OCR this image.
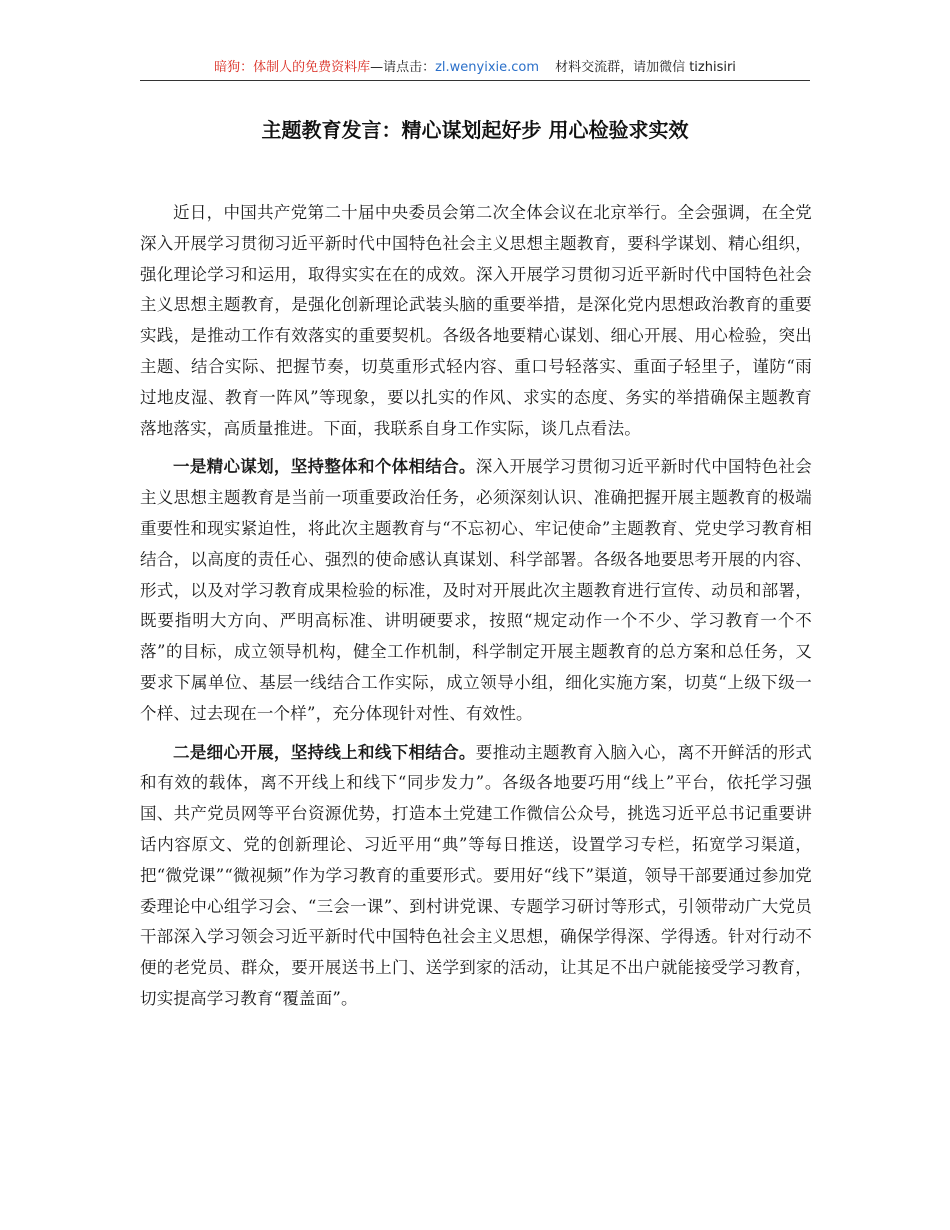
暗狗：体制人的免费资料库—请点击：zl.wenyixie.com 材料交流群，请加微信 tizhisiri
主题教育发言：精心谋划起好步 用心检验求实效

近日，中国共产党第二十届中央委员会第二次全体会议在北京举行。全会强调，在全党深入开展学习贯彻习近平新时代中国特色社会主义思想主题教育，要科学谋划、精心组织，强化理论学习和运用，取得实实在在的成效。深入开展学习贯彻习近平新时代中国特色社会主义思想主题教育，是强化创新理论武装头脑的重要举措，是深化党内思想政治教育的重要实践，是推动工作有效落实的重要契机。各级各地要精心谋划、细心开展、用心检验，突出主题、结合实际、把握节奏，切莫重形式轻内容、重口号轻落实、重面子轻里子，谨防“雨过地皮湿、教育一阵风”等现象，要以扎实的作风、求实的态度、务实的举措确保主题教育落地落实，高质量推进。下面，我联系自身工作实际，谈几点看法。

一是精心谋划，坚持整体和个体相结合。深入开展学习贯彻习近平新时代中国特色社会主义思想主题教育是当前一项重要政治任务，必须深刻认识、准确把握开展主题教育的极端重要性和现实紧迫性，将此次主题教育与“不忘初心、牢记使命”主题教育、党史学习教育相结合，以高度的责任心、强烈的使命感认真谋划、科学部署。各级各地要思考开展的内容、形式，以及对学习教育成果检验的标准，及时对开展此次主题教育进行宣传、动员和部署，既要指明大方向、严明高标准、讲明硬要求，按照“规定动作一个不少、学习教育一个不落”的目标，成立领导机构，健全工作机制，科学制定开展主题教育的总方案和总任务，又要求下属单位、基层一线结合工作实际，成立领导小组，细化实施方案，切莫“上级下级一个样、过去现在一个样”，充分体现针对性、有效性。

二是细心开展，坚持线上和线下相结合。要推动主题教育入脑入心，离不开鲜活的形式和有效的载体，离不开线上和线下“同步发力”。各级各地要巧用“线上”平台，依托学习强国、共产党员网等平台资源优势，打造本土党建工作微信公众号，挑选习近平总书记重要讲话内容原文、党的创新理论、习近平用“典”等每日推送，设置学习专栏，拓宽学习渠道，把“微党课”“微视频”作为学习教育的重要形式。要用好“线下”渠道，领导干部要通过参加党委理论中心组学习会、“三会一课”、到村讲党课、专题学习研讨等形式，引领带动广大党员干部深入学习领会习近平新时代中国特色社会主义思想，确保学得深、学得透。针对行动不便的老党员、群众，要开展送书上门、送学到家的活动，让其足不出户就能接受学习教育，切实提高学习教育“覆盖面”。
